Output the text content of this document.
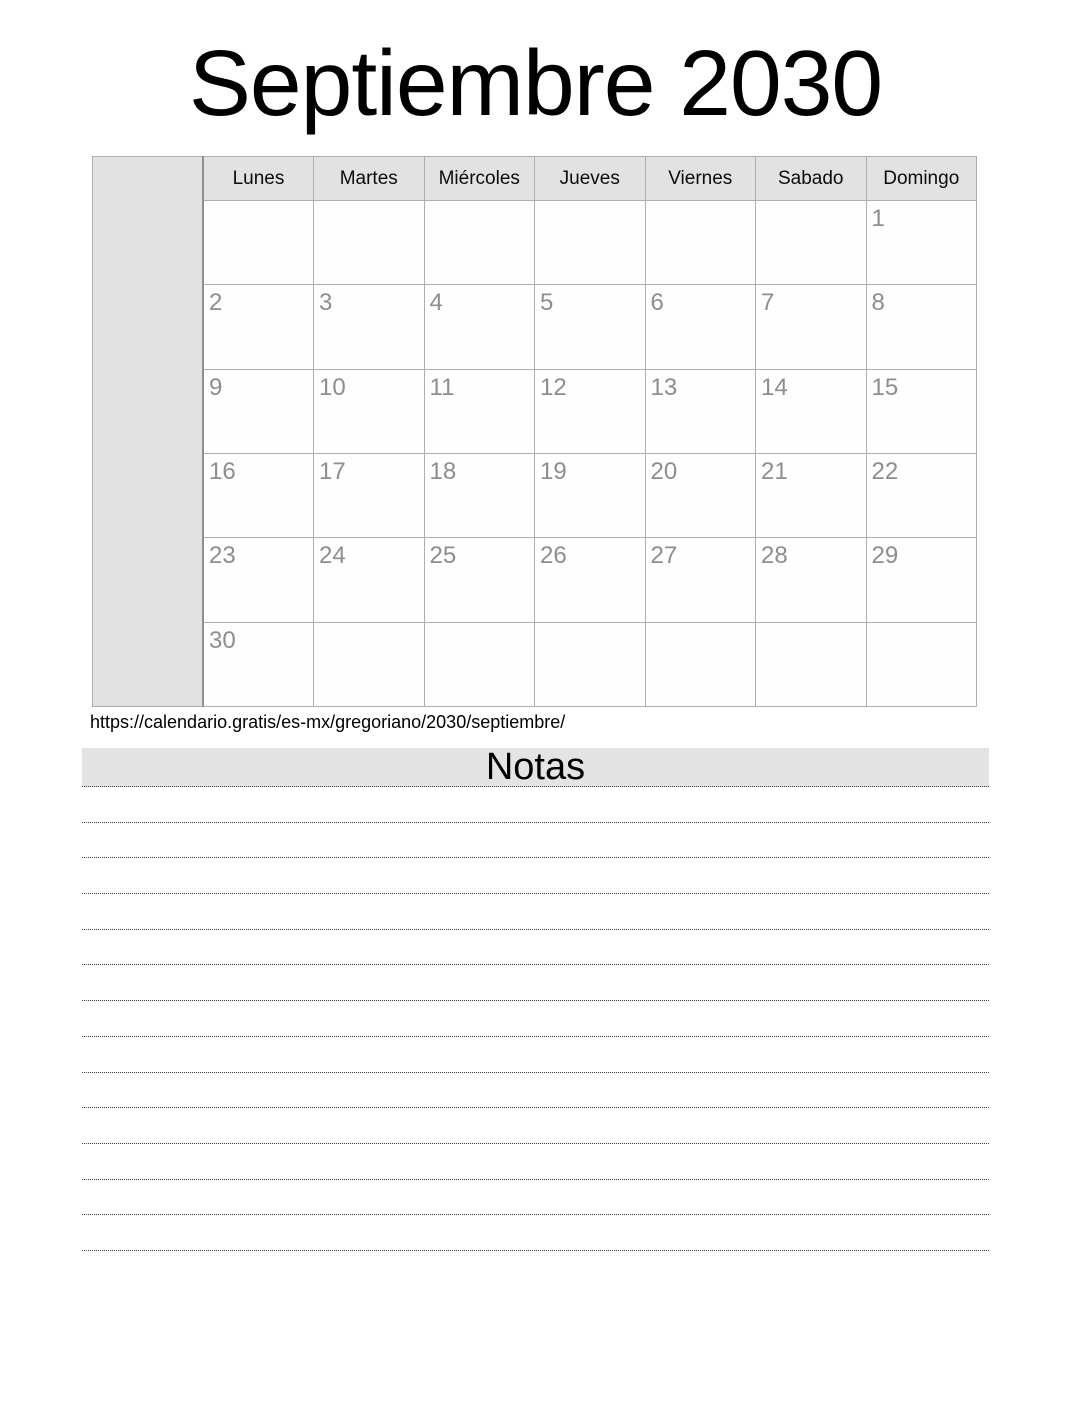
Septiembre 2030
	Lunes	Martes	Miércoles	Jueves	Viernes	Sabado	Domingo
							1
	2	3	4	5	6	7	8
	9	10	11	12	13	14	15
	16	17	18	19	20	21	22
	23	24	25	26	27	28	29
	30						
https://calendario.gratis/es-mx/gregoriano/2030/septiembre/
Notas
